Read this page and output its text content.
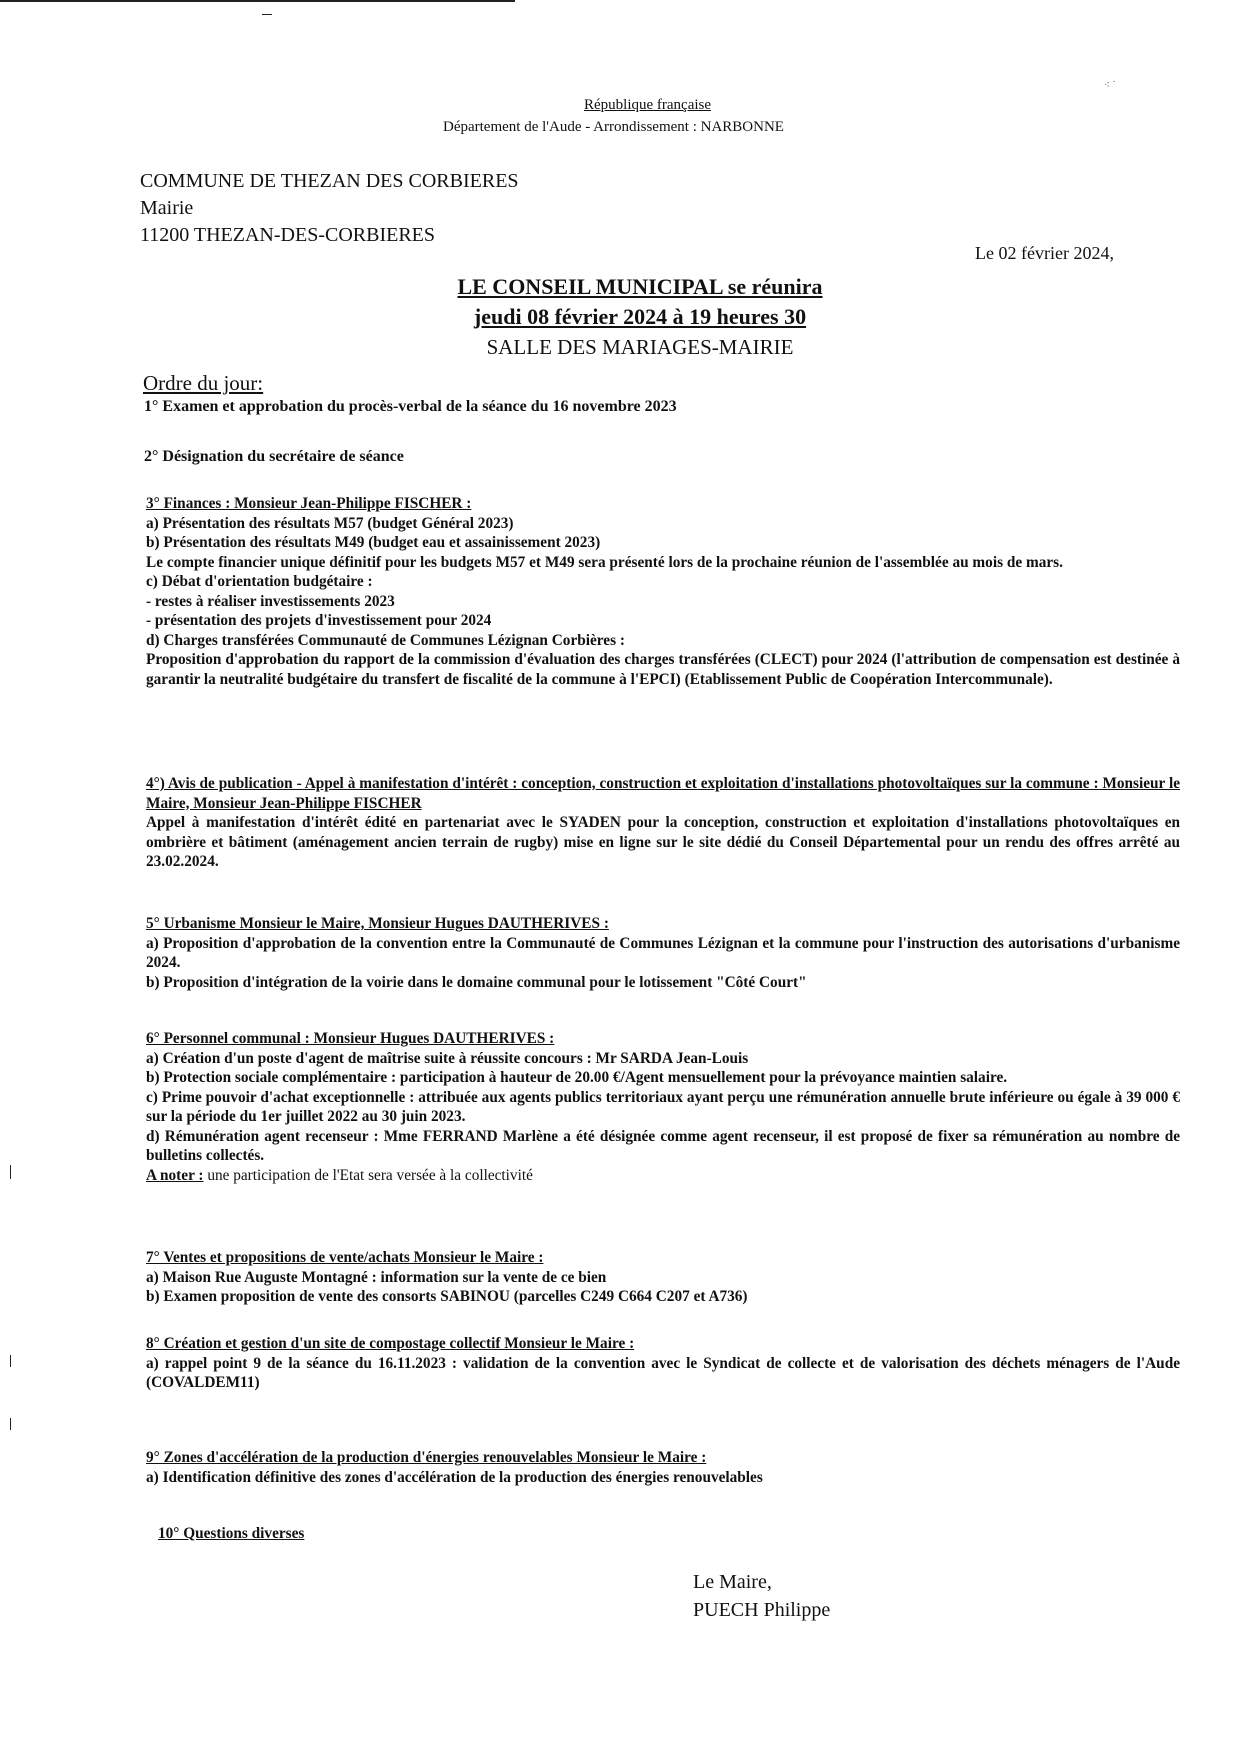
⁖ ˙
République française
Département de l'Aude - Arrondissement : NARBONNE
COMMUNE DE THEZAN DES CORBIERES
Mairie
11200 THEZAN-DES-CORBIERES
Le 02 février 2024,
LE CONSEIL MUNICIPAL se réunira
jeudi 08 février 2024 à 19 heures 30
SALLE DES MARIAGES-MAIRIE
Ordre du jour:
1° Examen et approbation du procès-verbal de la séance du 16 novembre 2023
2° Désignation du secrétaire de séance
3° Finances : Monsieur Jean-Philippe FISCHER :
a) Présentation des résultats M57 (budget Général 2023)
b) Présentation des résultats M49 (budget eau et assainissement 2023)
Le compte financier unique définitif pour les budgets M57 et M49 sera présenté lors de la prochaine réunion de l'assemblée au mois de mars.
c) Débat d'orientation budgétaire :
- restes à réaliser investissements 2023
- présentation des projets d'investissement pour 2024
d) Charges transférées Communauté de Communes Lézignan Corbières :
Proposition d'approbation du rapport de la commission d'évaluation des charges transférées (CLECT) pour 2024 (l'attribution de compensation est destinée à garantir la neutralité budgétaire du transfert de fiscalité de la commune à l'EPCI) (Etablissement Public de Coopération Intercommunale).
4°) Avis de publication - Appel à manifestation d'intérêt : conception, construction et exploitation d'installations photovoltaïques sur la commune : Monsieur le Maire, Monsieur Jean-Philippe FISCHER
Appel à manifestation d'intérêt édité en partenariat avec le SYADEN pour la conception, construction et exploitation d'installations photovoltaïques en ombrière et bâtiment (aménagement ancien terrain de rugby) mise en ligne sur le site dédié du Conseil Départemental pour un rendu des offres arrêté au 23.02.2024.
5° Urbanisme Monsieur le Maire, Monsieur Hugues DAUTHERIVES :
a) Proposition d'approbation de la convention entre la Communauté de Communes Lézignan et la commune pour l'instruction des autorisations d'urbanisme 2024.
b) Proposition d'intégration de la voirie dans le domaine communal pour le lotissement "Côté Court"
6° Personnel communal : Monsieur Hugues DAUTHERIVES :
a) Création d'un poste d'agent de maîtrise suite à réussite concours : Mr SARDA Jean-Louis
b) Protection sociale complémentaire : participation à hauteur de 20.00 €/Agent mensuellement pour la prévoyance maintien salaire.
c) Prime pouvoir d'achat exceptionnelle : attribuée aux agents publics territoriaux ayant perçu une rémunération annuelle brute inférieure ou égale à 39 000 € sur la période du 1er juillet 2022 au 30 juin 2023.
d) Rémunération agent recenseur : Mme FERRAND Marlène a été désignée comme agent recenseur, il est proposé de fixer sa rémunération au nombre de bulletins collectés.
A noter : une participation de l'Etat sera versée à la collectivité
7° Ventes et propositions de vente/achats Monsieur le Maire :
a) Maison Rue Auguste Montagné : information sur la vente de ce bien
b) Examen proposition de vente des consorts SABINOU (parcelles C249 C664 C207 et A736)
8° Création et gestion d'un site de compostage collectif Monsieur le Maire :
a) rappel point 9 de la séance du 16.11.2023 : validation de la convention avec le Syndicat de collecte et de valorisation des déchets ménagers de l'Aude (COVALDEM11)
9° Zones d'accélération de la production d'énergies renouvelables Monsieur le Maire :
a) Identification définitive des zones d'accélération de la production des énergies renouvelables
10° Questions diverses
Le Maire,
PUECH Philippe
